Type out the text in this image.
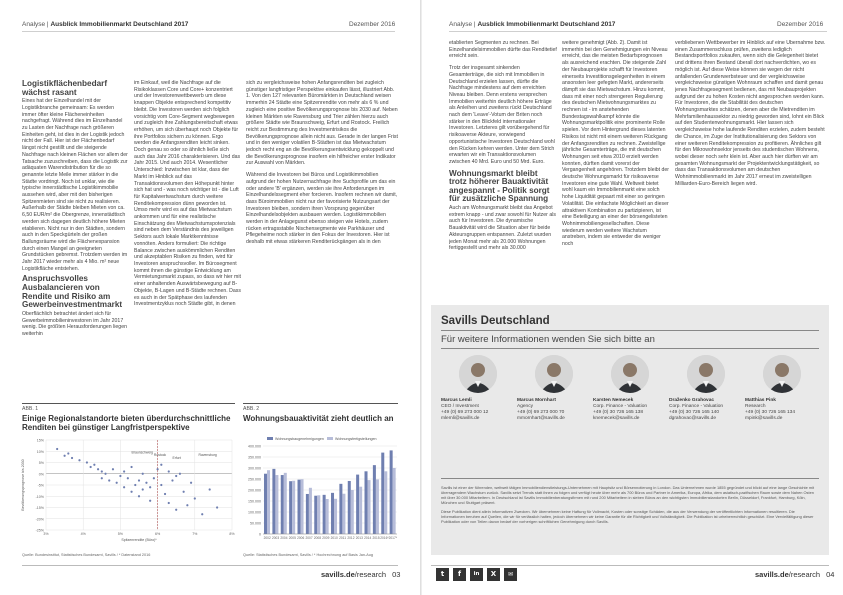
Analyse | Ausblick Immobilienmarkt Deutschland 2017	Dezember 2016
Logistikflächenbedarf wächst rasant

Eines hat der Einzelhandel mit der Logistikbranche gemeinsam: Es werden immer öfter kleine Flächeneinheiten nachgefragt. Während dies im Einzelhandel zu Lasten der Nachfrage nach größeren Einheiten geht, ist dies in der Logistik jedoch nicht der Fall. Hier ist der Flächenbedarf längst nicht gestillt und die steigende Nachfrage nach kleinen Flächen vor allem der Tatsache zuzuschreiben, dass die Logistik zur adäquaten Warendistribution für die so genannte letzte Meile immer stärker in die Städte vordringt. Noch ist unklar, wie die typische innerstädtische Logistikimmobilie aussehen wird, aber mit den bisherigen Spitzenmieten sind sie nicht zu realisieren. Außerhalb der Städte bleiben Mieten von ca. 6,50 EUR/m² die Obergrenze, innenstädtisch werden sich dagegen deutlich höhere Mieten etablieren. Nicht nur in den Städten, sondern auch in den Speckgürteln der großen Ballungsräume wird die Flächenexpansion durch einen Mangel an geeigneten Grundstücken gebremst. Trotzdem werden im Jahr 2017 wieder mehr als 4 Mio. m² neue Logistikfläche entstehen.

Anspruchsvolles Ausbalancieren von Rendite und Risiko am Gewerbeinvestmentmarkt

Oberflächlich betrachtet ändert sich für Gewerbeimmobilieninvestoren im Jahr 2017 wenig. Die größten Herausforderungen liegen weiterhin

im Einkauf, weil die Nachfrage auf die Risikoklassen Core und Core+ konzentriert und der Investorenwettbewerb um diese knappen Objekte entsprechend kompetitiv bleibt. Die Investoren werden sich folglich vorsichtig vom Core-Segment wegbewegen und zugleich ihre Zahlungsbereitschaft etwas erhöhen, um sich überhaupt noch Objekte für ihre Portfolios sichern zu können. Ergo werden die Anfangsrenditen leicht sinken. Doch genau so oder so ähnlich ließe sich auch das Jahr 2016 charakterisieren. Und das Jahr 2015. Und auch 2014. Wesentlicher Unterschied: Inzwischen ist klar, dass der Markt im Hinblick auf das Transaktionsvolumen den Höhepunkt hinter sich hat und - was noch wichtiger ist - die Luft für Kapitalwertwachstum durch weitere Renditekompression dünn geworden ist. Umso mehr wird es auf das Mietwachstum ankommen und für eine realistische Einschätzung des Mietwachstumspotenzials sind neben dem Verständnis des jeweiligen Sektors auch lokale Marktkenntnisse vonnöten. Anders formuliert: Die richtige Balance zwischen auskömmlichen Renditen und akzeptablen Risiken zu finden, wird für Investoren anspruchsvoller. Im Bürosegment kommt ihnen die günstige Entwicklung am Vermietungsmarkt zupass, so dass wir hier mit einer anhaltenden Auswärtsbewegung auf B-Objekte, B-Lagen und B-Städte rechnen. Dass es auch in der Spätphase des laufenden Investmentzyklus noch Städte gibt, in denen

sich zu vergleichsweise hohen Anfangsrenditen bei zugleich günstiger langfristiger Perspektive einkaufen lässt, illustriert Abb. 1. Von den 127 relevanten Büromärkten in Deutschland weisen immerhin 24 Städte eine Spitzenrendite von mehr als 6 % und zugleich eine positive Bevölkerungsprognose bis 2030 auf. Neben kleinen Märkten wie Ravensburg und Trier zählen hierzu auch größere Städte wie Braunschweig, Erfurt und Rostock. Freilich reicht zur Bestimmung des Investmentrisikos die Bevölkerungsprognose allein nicht aus. Gerade in der langen Frist und in den weniger volatilen B-Städten ist das Mietwachstum jedoch recht eng an die Bevölkerungsentwicklung gekoppelt und die Bevölkerungsprognose insofern ein hilfreicher erster Indikator zur Auswahl von Märkten.

Während die Investoren bei Büros und Logistikimmobilien aufgrund der hohen Nutzernachfrage ihre Suchprofile um das ein oder andere 'B' ergänzen, werden sie ihre Anforderungen im Einzelhandelssegment eher forcieren. Insofern rechnen wir damit, dass Büroimmobilien nicht nur der favorisierte Nutzungsart der Investoren bleiben, sondern ihren Vorsprung gegenüber Einzelhandelsobjekten ausbauen werden. Logistikimmobilien werden in der Anlagegunst ebenso steigen wie Hotels, zudem rücken ertragsstabile Nischensegmente wie Parkhäuser und Pflegeheime noch stärker in den Fokus der Investoren. Hier ist deshalb mit etwas stärkeren Renditerückgängen als in den

ABB. 1
Einige Regionalstandorte bieten überdurchschnittliche Renditen bei günstiger Langfristperspektive
15%
10%
5%
0%
-5%
-10%
-15%
-20%
-25%
3%	4%	5%	6%	7%	8%
Braunschweig
Rostock
Erfurt
Ravensburg
Spitzenrendite (Büro)*
Bevölkerungsprognose bis 2030
Quelle: Bundesinstitut, Statistisches Bundesamt, Savills / * Datenstand 2016
ABB. 2
Wohnungsbauaktivität zieht deutlich an
0
50.000
100.000
150.000
200.000
250.000
300.000
350.000
400.000
Wohnungsbaugenehmigungen	Wohnungsfertigstellungen
2002 2003 2004 2005 2006 2007 2008 2009 2010 2011 2012 2013 2014 2015 2016* 2017*
Quelle: Statistisches Bundesamt, Savills / * Hochrechnung auf Basis Jan-Aug
savills.de/research 03
Analyse | Ausblick Immobilienmarkt Deutschland 2017	Dezember 2016

etablierten Segmenten zu rechnen. Bei Einzelhandelsimmobilien dürfte das Renditetief erreicht sein.

Trotz der insgesamt sinkenden Gesamterträge, die sich mit Immobilien in Deutschland erzielen lassen, dürfte die Nachfrage mindestens auf dem erreichten Niveau bleiben. Denn erstens versprechen Immobilien weiterhin deutlich höhere Erträge als Anleihen und zweitens rückt Deutschland nach dem 'Leave'-Votum der Briten noch stärker in den Blickfeld internationaler Investoren. Letzteres gilt vorübergehend für risikoaverse Akteure, vorwiegend opportunistische Investoren Deutschland wohl den Rücken kehren werden. Unter dem Strich erwarten wir ein Transaktionsvolumen zwischen 40 Mrd. Euro und 50 Mrd. Euro.

Wohnungsmarkt bleibt trotz höherer Bauaktivität angespannt - Politik sorgt für zusätzliche Spannung

Auch am Wohnungsmarkt bleibt das Angebot extrem knapp - und zwar sowohl für Nutzer als auch für Investoren. Die dynamische Bauaktivität wird die Situation aber für beide Akteursgruppen entspannen. Zuletzt wurden jeden Monat mehr als 20.000 Wohnungen fertiggestellt und mehr als 30.000

weitere genehmigt (Abb. 2). Damit ist immerhin bei den Genehmigungen ein Niveau erreicht, das die meisten Bedarfsprognosen als ausreichend erachten. Die steigende Zahl der Neubauprojekte schafft für Investoren einerseits Investitionsgelegenheiten in einem ansonsten leer gefegten Markt, andererseits dämpft sie das Mietwachstum. Hinzu kommt, dass mit einer noch strengeren Regulierung des deutschen Mietwohnungsmarktes zu rechnen ist - im anstehenden Bundestagswahlkampf könnte die Wohnungsmarktpolitik eine prominente Rolle spielen. Vor dem Hintergrund dieses latenten Risikos ist nicht mit einem weiteren Rückgang der Anfangsrenditen zu rechnen. Zweistellige jährliche Gesamterträge, die mit deutschen Wohnungen seit etwa 2010 erzielt werden konnten, dürften damit vorerst der Vergangenheit angehören. Trotzdem bleibt der deutsche Wohnungsmarkt für risikoaverse Investoren eine gute Wahl. Weltweit bietet wohl kaum ein Immobilienmarkt eine solch hohe Liquidität gepaart mit einer so geringen Volatilität. Die einfachste Möglichkeit an dieser attraktiven Kombination zu partizipieren, ist eine Beteiligung an einer der börsengelisteten Wohnimmobiliengesellschaften. Diese wiederum werden weitere Wachstum anstreben, indem sie entweder die weniger noch

verbliebenen Wettbewerber im Hinblick auf eine Übernahme bzw. einen Zusammenschluss prüfen, zweitens lediglich Bestandsportfolios zukaufen, wenn sich die Gelegenheit bietet und drittens ihren Bestand überall dort nachverdichten, wo es möglich ist. Auf diese Weise können sie wegen der nicht anfallenden Grunderwerbsteuer und der vergleichsweise vergleichsweise günstigen Wohnraum schaffen und damit genau jenes Nachfragesegment bedienen, das mit Neubauprojekten aufgrund der zu hohen Kosten nicht angesprochen werden kann. Für Investoren, die die Stabilität des deutschen Wohnungsmarktes schätzen, denen aber die Mietrenditen im Mehrfamilienhaussektor zu niedrig geworden sind, lohnt ein Blick auf den Studentenwohnungsmarkt. Hier lassen sich vergleichsweise hohe laufende Renditen erzielen, zudem besteht die Chance, im Zuge der Institutionalisierung des Sektors von einer weiteren Renditekompression zu profitieren. Ähnliches gilt für den Mikrowohnsektor jenseits des studentischen Wohnens, wobei dieser noch sehr klein ist. Aber auch hier dürften wir am gesamten Wohnungsmarkt der Projektentwicklungstätigkeit, so dass das Transaktionsvolumen am deutschen Wohnimmobilienmarkt im Jahr 2017 erneut im zweistelligen Milliarden-Euro-Bereich liegen wird.

Savills Deutschland
Für weitere Informationen wenden Sie sich bitte an

Savills ist einer der führenden, weltweit tätigen Immobiliendienstleistungs-Unternehmen mit Hauptsitz und Börsennotierung in London. Das Unternehmen wurde 1855 gegründet und blickt auf eine lange Geschichte mit überragendem Wachstum zurück. Savills setzt Trends statt ihnen zu folgen und verfügt heute über mehr als 700 Büros und Partner in Amerika, Europa, Afrika, dem asiatisch-pazifischen Raum sowie dem Nahen Osten mit über 30.000 Mitarbeitern. In Deutschland ist Savills Immobilienberatungsfirmen mit rund 200 Mitarbeitern in sieben Büros an den wichtigsten Immobilienstandorten Berlin, Düsseldorf, Frankfurt, Hamburg, Köln, München und Stuttgart präsent.

Diese Publikation dient allein informativen Zwecken. Wir übernehmen keine Haftung für Vollmacht, Kosten oder sonstige Schäden, die aus der Verwendung der veröffentlichten Informationen resultieren. Die Informationen beruhen auf Quellen, die wir für verlässlich halten, jedoch übernehmen wir keine Garantie für die Richtigkeit und Vollständigkeit. Die Publikation ist urheberrechtlich geschützt. Eine Vervielfältigung dieser Publikation oder von Teilen davon bedarf der vorherigen schriftlichen Genehmigung durch Savills.

Marcus Lemli
CEO / Investment
+49 (0) 69 273 000 12
mlemli@savills.de
Marcus Mornhart
Agency
+49 (0) 69 273 000 70
mmornhart@savills.de
Karsten Nemecek
Corp. Finance - Valuation
+49 (0) 30 726 165 138
knemecek@savills.de
Draženko Grahovac
Corp. Finance - Valuation
+49 (0) 30 726 165 140
dgrahovac@savills.de
Matthias Pink
Research
+49 (0) 30 726 165 134
mpink@savills.de
t	f	in	X	✉	savills.de/research 04
